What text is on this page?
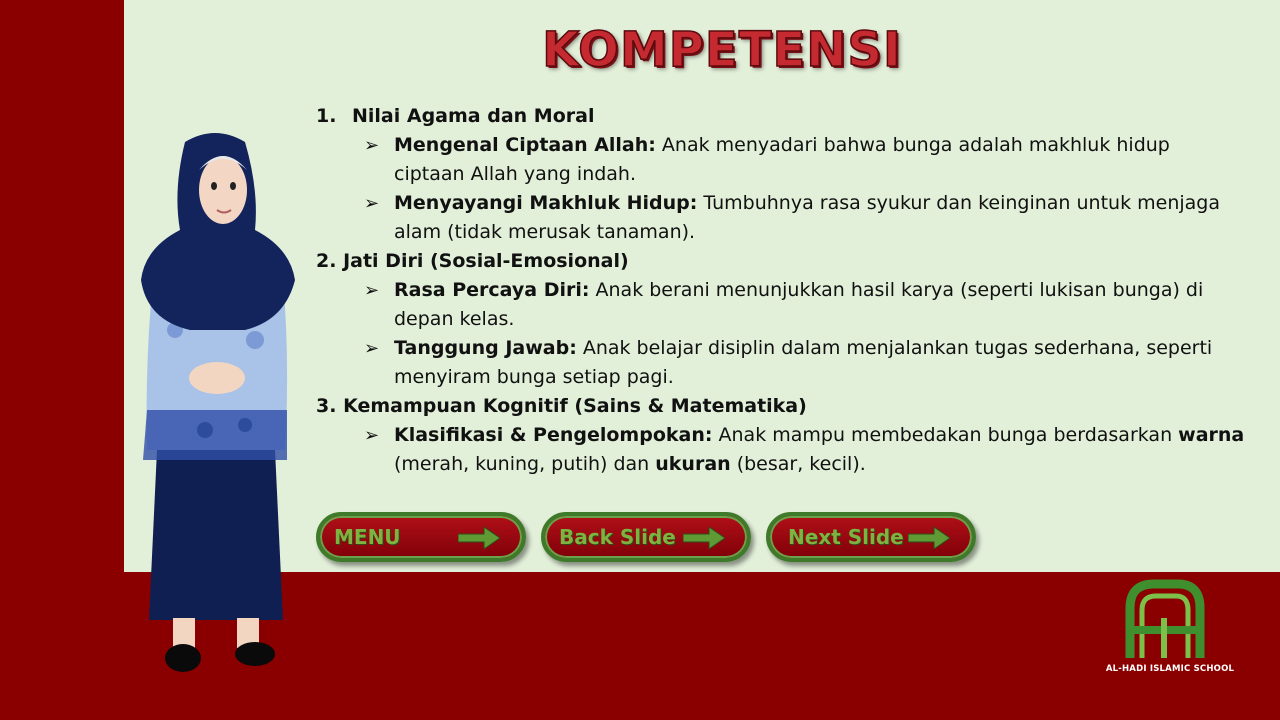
KOMPETENSI
1. Nilai Agama dan Moral
➢ Mengenal Ciptaan Allah: Anak menyadari bahwa bunga adalah makhluk hidup ciptaan Allah yang indah.
➢ Menyayangi Makhluk Hidup: Tumbuhnya rasa syukur dan keinginan untuk menjaga alam (tidak merusak tanaman).
2. Jati Diri (Sosial-Emosional)
➢ Rasa Percaya Diri: Anak berani menunjukkan hasil karya (seperti lukisan bunga) di depan kelas.
➢ Tanggung Jawab: Anak belajar disiplin dalam menjalankan tugas sederhana, seperti menyiram bunga setiap pagi.
3. Kemampuan Kognitif (Sains & Matematika)
➢ Klasifikasi & Pengelompokan: Anak mampu membedakan bunga berdasarkan warna (merah, kuning, putih) dan ukuran (besar, kecil).
MENU	Back Slide	Next Slide
AL-HADI ISLAMIC SCHOOL
